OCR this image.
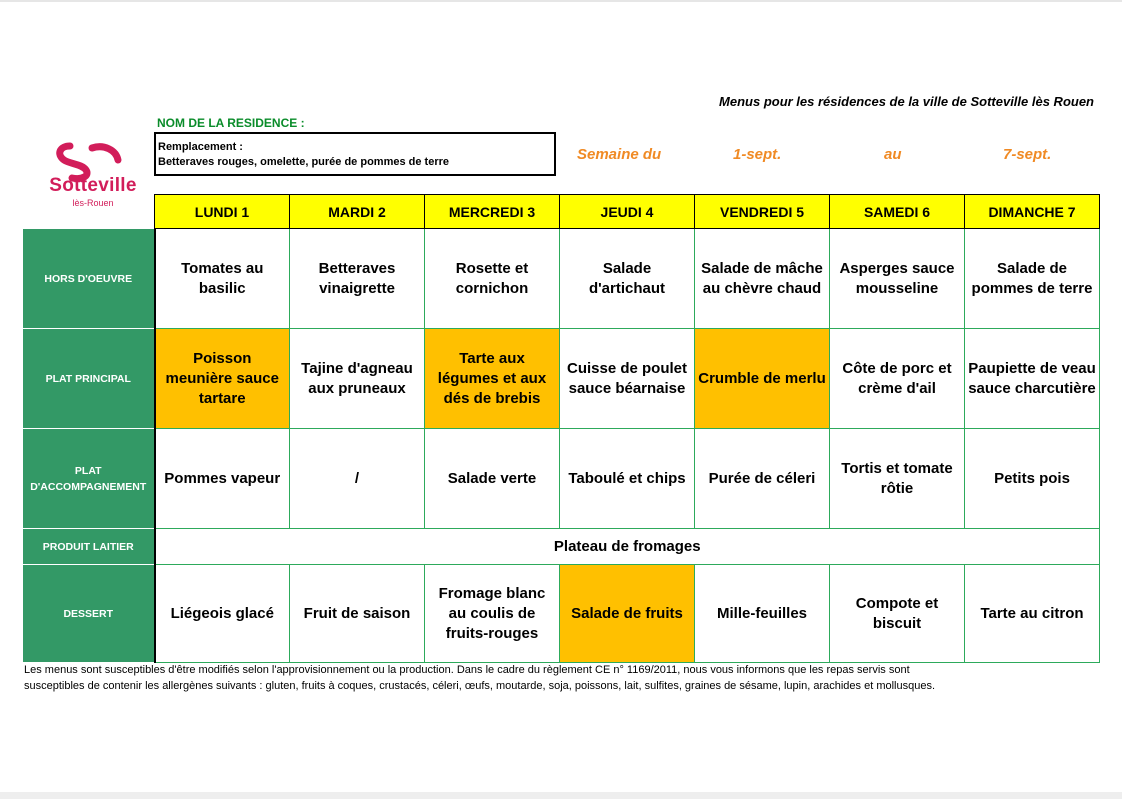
Menus pour les résidences de la ville de Sotteville lès Rouen
Sotteville
lès-Rouen
NOM DE LA RESIDENCE :
Remplacement :
Betteraves rouges, omelette, purée de pommes de terre	Semaine du	1-sept.	au	7-sept.
	LUNDI 1	MARDI 2	MERCREDI 3	JEUDI 4	VENDREDI 5	SAMEDI 6	DIMANCHE 7
HORS D'OEUVRE	Tomates au basilic	Betteraves vinaigrette	Rosette et cornichon	Salade d'artichaut	Salade de mâche au chèvre chaud	Asperges sauce mousseline	Salade de pommes de terre
PLAT PRINCIPAL	Poisson meunière sauce tartare	Tajine d'agneau aux pruneaux	Tarte aux légumes et aux dés de brebis	Cuisse de poulet sauce béarnaise	Crumble de merlu	Côte de porc et crème d'ail	Paupiette de veau sauce charcutière
PLAT D'ACCOMPAGNEMENT	Pommes vapeur	/	Salade verte	Taboulé et chips	Purée de céleri	Tortis et tomate rôtie	Petits pois
PRODUIT LAITIER	Plateau de fromages						
DESSERT	Liégeois glacé	Fruit de saison	Fromage blanc au coulis de fruits-rouges	Salade de fruits	Mille-feuilles	Compote et biscuit	Tarte au citron
Les menus sont susceptibles d'être modifiés selon l'approvisionnement ou la production. Dans le cadre du règlement CE n° 1169/2011, nous vous informons que les repas servis sont
susceptibles de contenir les allergènes suivants : gluten, fruits à coques, crustacés, céleri, œufs, moutarde, soja, poissons, lait, sulfites, graines de sésame, lupin, arachides et mollusques.
